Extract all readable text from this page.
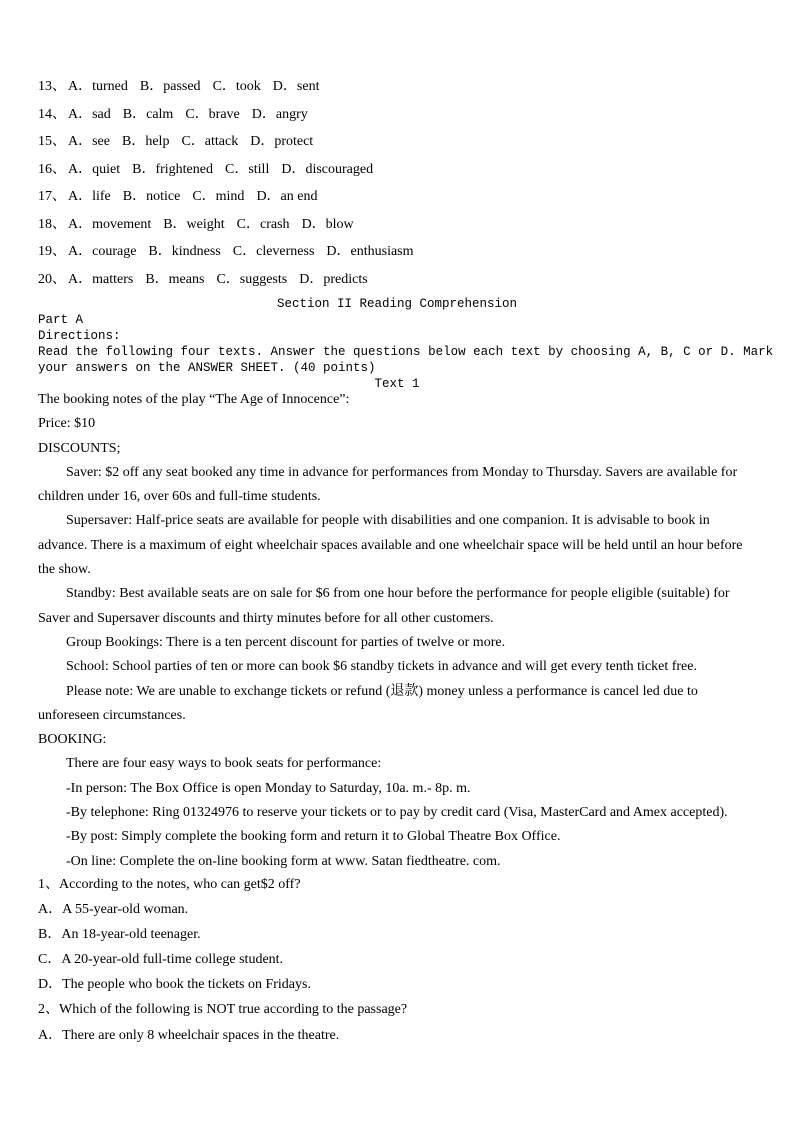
13、 A．turned B．passed C．took D．sent
14、 A．sad B．calm C．brave D．angry
15、 A．see B．help C．attack D．protect
16、 A．quiet B．frightened C．still D．discouraged
17、 A．life B．notice C．mind D．an end
18、 A．movement B．weight C．crash D．blow
19、 A．courage B．kindness C．cleverness D．enthusiasm
20、 A．matters B．means C．suggests D．predicts
Section II Reading Comprehension
Part A
Directions:
Read the following four texts. Answer the questions below each text by choosing A, B, C or D. Mark
your answers on the ANSWER SHEET. (40 points)
Text 1
The booking notes of the play “The Age of Innocence”:
Price: $10
DISCOUNTS;
Saver: $2 off any seat booked any time in advance for performances from Monday to Thursday. Savers are available for
children under 16, over 60s and full-time students.
Supersaver: Half-price seats are available for people with disabilities and one companion. It is advisable to book in
advance. There is a maximum of eight wheelchair spaces available and one wheelchair space will be held until an hour before
the show.
Standby: Best available seats are on sale for $6 from one hour before the performance for people eligible (suitable) for
Saver and Supersaver discounts and thirty minutes before for all other customers.
Group Bookings: There is a ten percent discount for parties of twelve or more.
School: School parties of ten or more can book $6 standby tickets in advance and will get every tenth ticket free.
Please note: We are unable to exchange tickets or refund (退款) money unless a performance is cancel led due to
unforeseen circumstances.
BOOKING:
There are four easy ways to book seats for performance:
-In person: The Box Office is open Monday to Saturday, 10a. m.- 8p. m.
-By telephone: Ring 01324976 to reserve your tickets or to pay by credit card (Visa, MasterCard and Amex accepted).
-By post: Simply complete the booking form and return it to Global Theatre Box Office.
-On line: Complete the on-line booking form at www. Satan fiedtheatre. com.
1、According to the notes, who can get$2 off?
A．A 55-year-old woman.
B．An 18-year-old teenager.
C．A 20-year-old full-time college student.
D．The people who book the tickets on Fridays.
2、Which of the following is NOT true according to the passage?
A．There are only 8 wheelchair spaces in the theatre.
